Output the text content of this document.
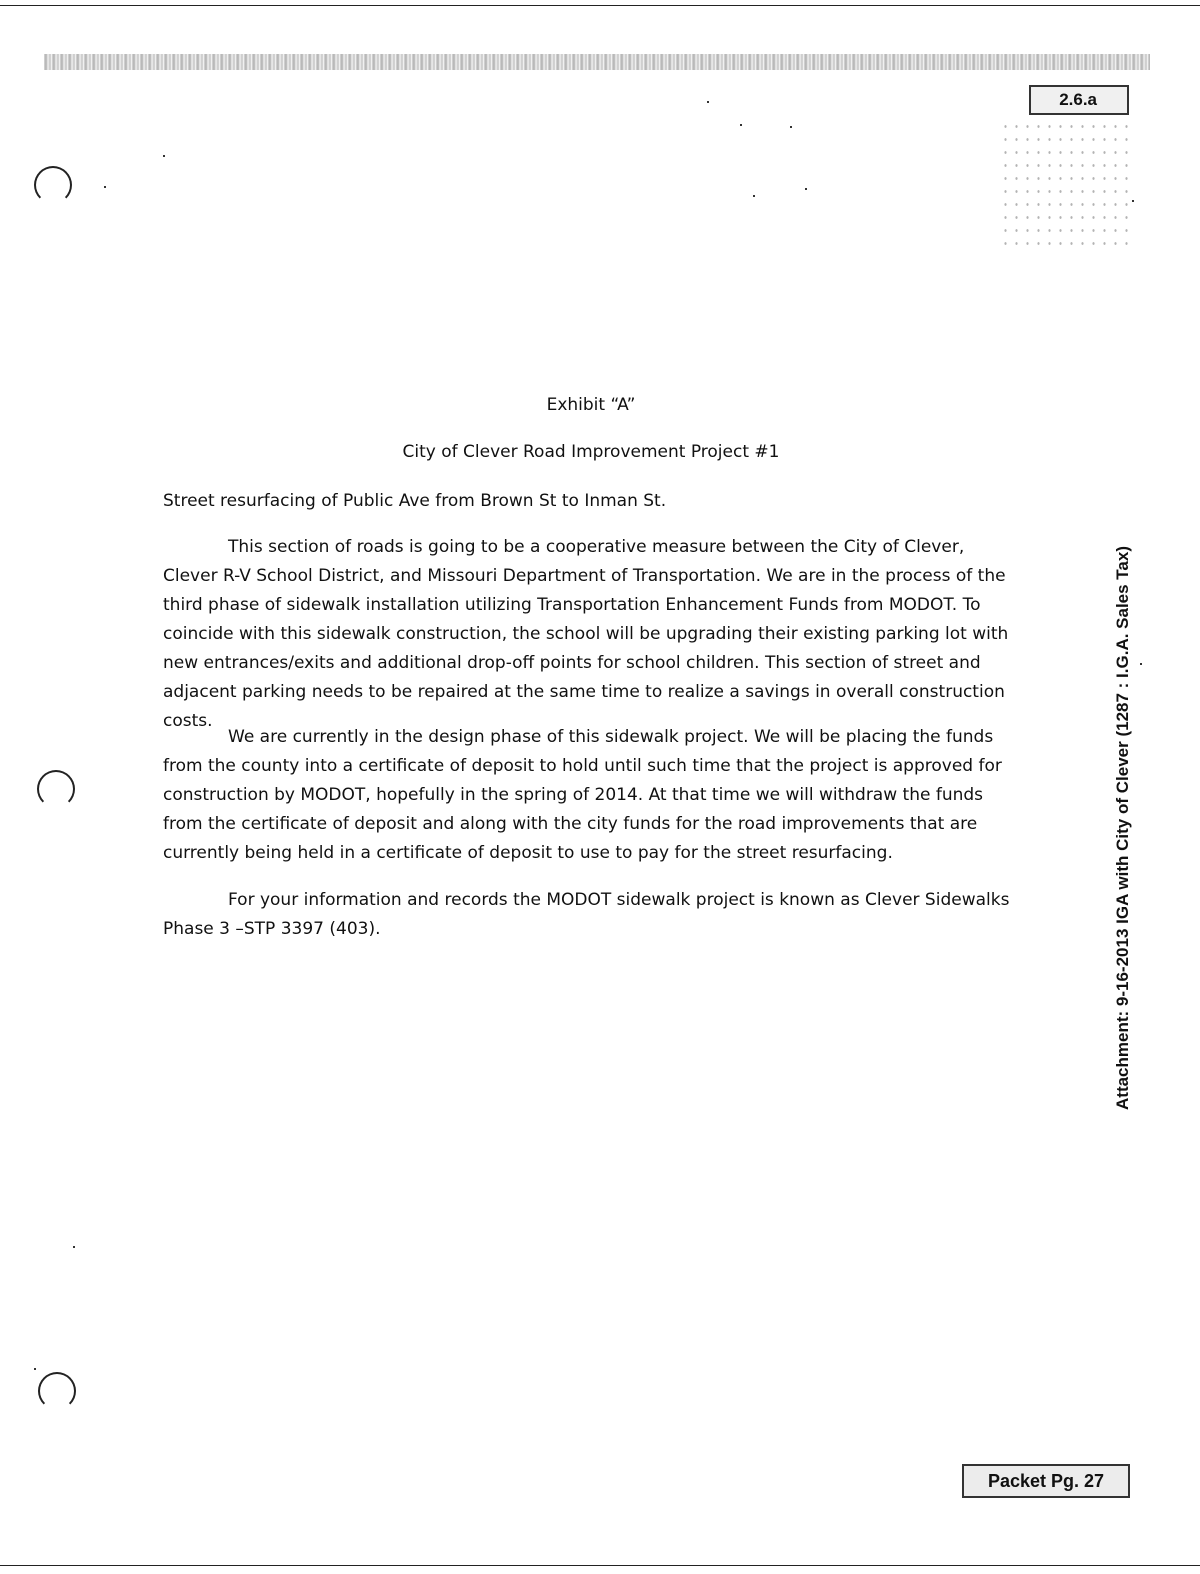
2.6.a
Exhibit “A”
City of Clever Road Improvement Project #1

Street resurfacing of Public Ave from Brown St to Inman St.

This section of roads is going to be a cooperative measure between the City of Clever, Clever R-V School District, and Missouri Department of Transportation. We are in the process of the third phase of sidewalk installation utilizing Transportation Enhancement Funds from MODOT. To coincide with this sidewalk construction, the school will be upgrading their existing parking lot with new entrances/exits and additional drop-off points for school children. This section of street and adjacent parking needs to be repaired at the same time to realize a savings in overall construction costs.

We are currently in the design phase of this sidewalk project. We will be placing the funds from the county into a certificate of deposit to hold until such time that the project is approved for construction by MODOT, hopefully in the spring of 2014. At that time we will withdraw the funds from the certificate of deposit and along with the city funds for the road improvements that are currently being held in a certificate of deposit to use to pay for the street resurfacing.

For your information and records the MODOT sidewalk project is known as Clever Sidewalks Phase 3 –STP 3397 (403).	Attachment: 9-16-2013 IGA with City of Clever (1287 : I.G.A. Sales Tax)
Packet Pg. 27
